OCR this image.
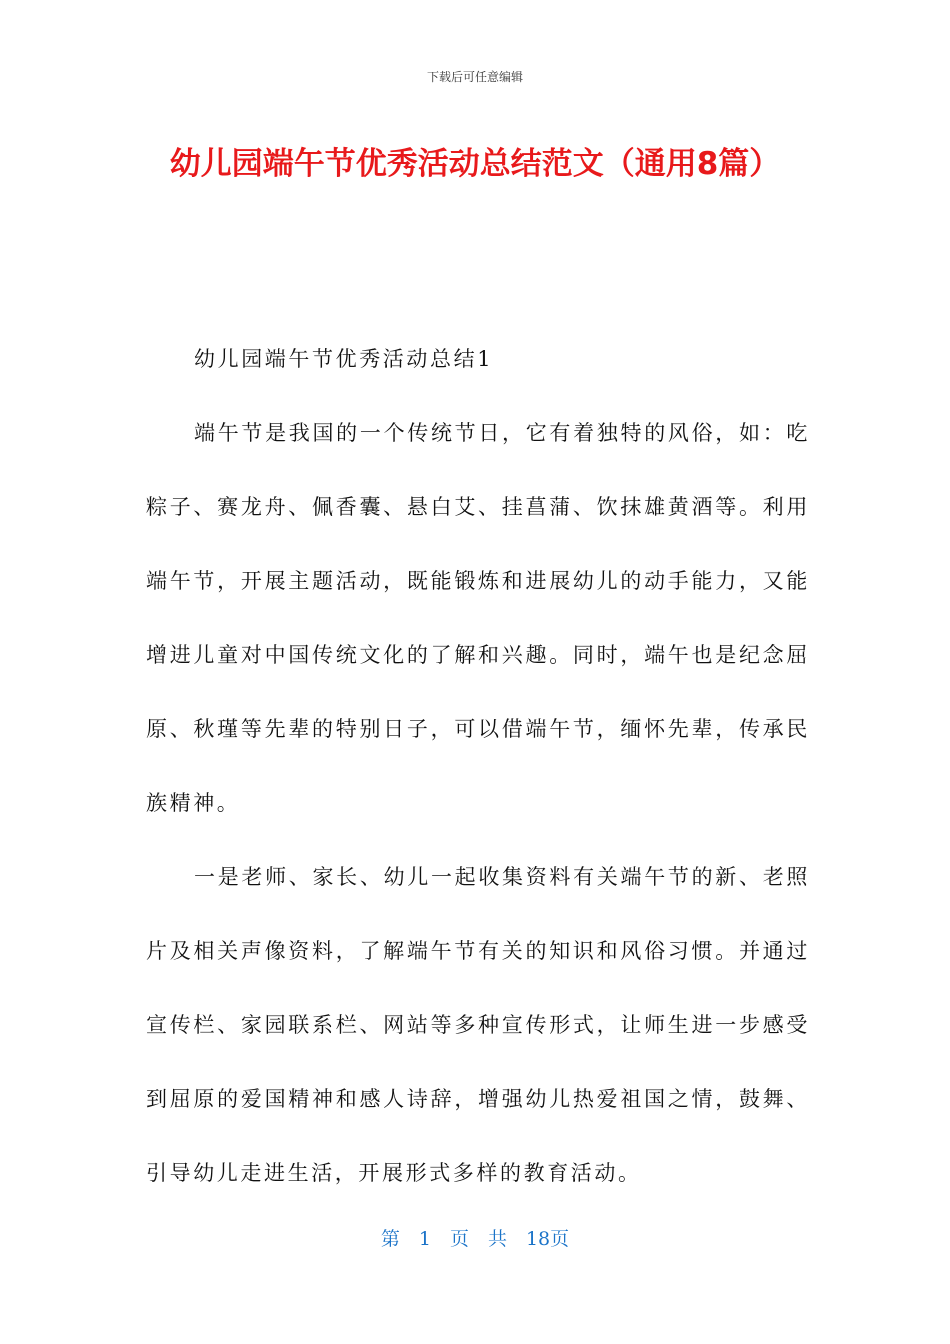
下载后可任意编辑
幼儿园端午节优秀活动总结范文（通用8篇）

幼儿园端午节优秀活动总结1

端午节是我国的一个传统节日，它有着独特的风俗，如：吃粽子、赛龙舟、佩香囊、悬白艾、挂菖蒲、饮抹雄黄酒等。利用端午节，开展主题活动，既能锻炼和进展幼儿的动手能力，又能增进儿童对中国传统文化的了解和兴趣。同时，端午也是纪念屈原、秋瑾等先辈的特别日子，可以借端午节，缅怀先辈，传承民族精神。

一是老师、家长、幼儿一起收集资料有关端午节的新、老照片及相关声像资料，了解端午节有关的知识和风俗习惯。并通过宣传栏、家园联系栏、网站等多种宣传形式，让师生进一步感受到屈原的爱国精神和感人诗辞，增强幼儿热爱祖国之情，鼓舞、引导幼儿走进生活，开展形式多样的教育活动。

第　1　页　共　18页
